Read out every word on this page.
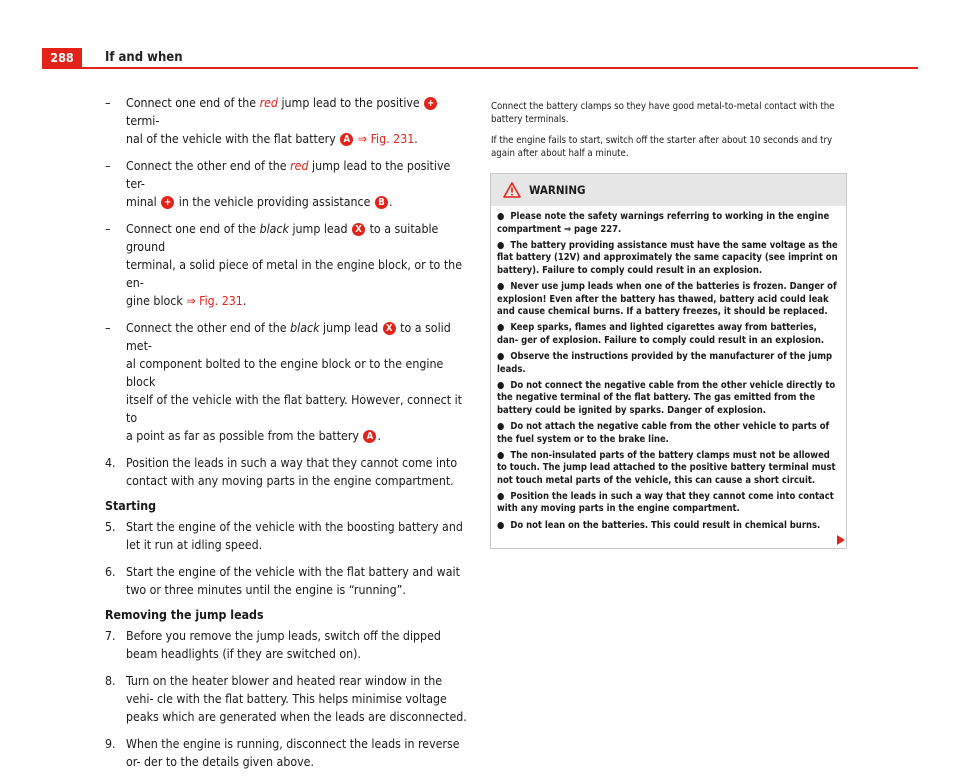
288	If and when
– Connect one end of the red jump lead to the positive + termi-
nal of the vehicle with the flat battery A ⇒ Fig. 231.
– Connect the other end of the red jump lead to the positive ter-
minal + in the vehicle providing assistance B .
– Connect one end of the black jump lead X to a suitable ground
terminal, a solid piece of metal in the engine block, or to the en-
gine block ⇒ Fig. 231.
– Connect the other end of the black jump lead X to a solid met-
al component bolted to the engine block or to the engine block
itself of the vehicle with the flat battery. However, connect it to
a point as far as possible from the battery A .
4. Position the leads in such a way that they cannot come into contact with any moving parts in the engine compartment.
Starting
5. Start the engine of the vehicle with the boosting battery and let it run at idling speed.
6. Start the engine of the vehicle with the flat battery and wait two or three minutes until the engine is “running”.
Removing the jump leads
7. Before you remove the jump leads, switch off the dipped beam headlights (if they are switched on).
8. Turn on the heater blower and heated rear window in the vehi- cle with the flat battery. This helps minimise voltage peaks which are generated when the leads are disconnected.
9. When the engine is running, disconnect the leads in reverse or- der to the details given above.

Connect the battery clamps so they have good metal-to-metal contact with the battery terminals.

If the engine fails to start, switch off the starter after about 10 seconds and try again after about half a minute.

WARNING
● Please note the safety warnings referring to working in the engine compartment ⇒ page 227.
● The battery providing assistance must have the same voltage as the flat battery (12V) and approximately the same capacity (see imprint on battery). Failure to comply could result in an explosion.
● Never use jump leads when one of the batteries is frozen. Danger of explosion! Even after the battery has thawed, battery acid could leak and cause chemical burns. If a battery freezes, it should be replaced.
● Keep sparks, flames and lighted cigarettes away from batteries, dan- ger of explosion. Failure to comply could result in an explosion.
● Observe the instructions provided by the manufacturer of the jump leads.
● Do not connect the negative cable from the other vehicle directly to the negative terminal of the flat battery. The gas emitted from the battery could be ignited by sparks. Danger of explosion.
● Do not attach the negative cable from the other vehicle to parts of the fuel system or to the brake line.
● The non-insulated parts of the battery clamps must not be allowed to touch. The jump lead attached to the positive battery terminal must not touch metal parts of the vehicle, this can cause a short circuit.
● Position the leads in such a way that they cannot come into contact with any moving parts in the engine compartment.
● Do not lean on the batteries. This could result in chemical burns.
